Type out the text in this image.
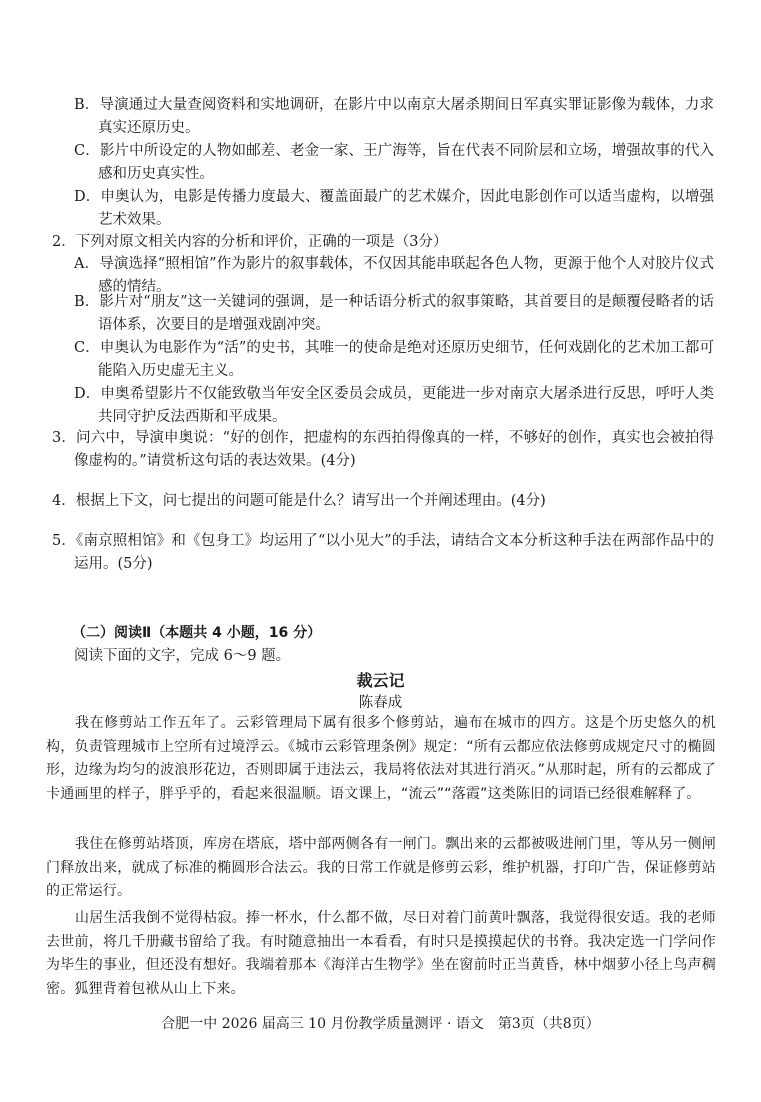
B．导演通过大量查阅资料和实地调研，在影片中以南京大屠杀期间日军真实罪证影像为载体，力求真实还原历史。

C．影片中所设定的人物如邮差、老金一家、王广海等，旨在代表不同阶层和立场，增强故事的代入感和历史真实性。

D．申奥认为，电影是传播力度最大、覆盖面最广的艺术媒介，因此电影创作可以适当虚构，以增强艺术效果。

2．下列对原文相关内容的分析和评价，正确的一项是（3分）

A．导演选择“照相馆”作为影片的叙事载体，不仅因其能串联起各色人物，更源于他个人对胶片仪式感的情结。

B．影片对“朋友”这一关键词的强调，是一种话语分析式的叙事策略，其首要目的是颠覆侵略者的话语体系，次要目的是增强戏剧冲突。

C．申奥认为电影作为“活”的史书，其唯一的使命是绝对还原历史细节，任何戏剧化的艺术加工都可能陷入历史虚无主义。

D．申奥希望影片不仅能致敬当年安全区委员会成员，更能进一步对南京大屠杀进行反思，呼吁人类共同守护反法西斯和平成果。

3．问六中，导演申奥说：“好的创作，把虚构的东西拍得像真的一样，不够好的创作，真实也会被拍得像虚构的。”请赏析这句话的表达效果。(4分)

4．根据上下文，问七提出的问题可能是什么？请写出一个并阐述理由。(4分)

5．《南京照相馆》和《包身工》均运用了“以小见大”的手法，请结合文本分析这种手法在两部作品中的运用。(5分)

（二）阅读Ⅱ（本题共 4 小题，16 分）
阅读下面的文字，完成 6～9 题。
裁云记
陈春成

我在修剪站工作五年了。云彩管理局下属有很多个修剪站，遍布在城市的四方。这是个历史悠久的机构，负责管理城市上空所有过境浮云。《城市云彩管理条例》规定：“所有云都应依法修剪成规定尺寸的椭圆形，边缘为均匀的波浪形花边，否则即属于违法云，我局将依法对其进行消灭。”从那时起，所有的云都成了卡通画里的样子，胖乎乎的，看起来很温顺。语文课上，“流云”“落霞”这类陈旧的词语已经很难解释了。

我住在修剪站塔顶，库房在塔底，塔中部两侧各有一闸门。飘出来的云都被吸进闸门里，等从另一侧闸门释放出来，就成了标准的椭圆形合法云。我的日常工作就是修剪云彩，维护机器，打印广告，保证修剪站的正常运行。

山居生活我倒不觉得枯寂。捧一杯水，什么都不做，尽日对着门前黄叶飘落，我觉得很安适。我的老师去世前，将几千册藏书留给了我。有时随意抽出一本看看，有时只是摸摸起伏的书脊。我决定选一门学问作为毕生的事业，但还没有想好。我端着那本《海洋古生物学》坐在窗前时正当黄昏，林中烟萝小径上鸟声稠密。狐狸背着包袱从山上下来。

合肥一中 2026 届高三 10 月份教学质量测评 · 语文　第3页（共8页）
